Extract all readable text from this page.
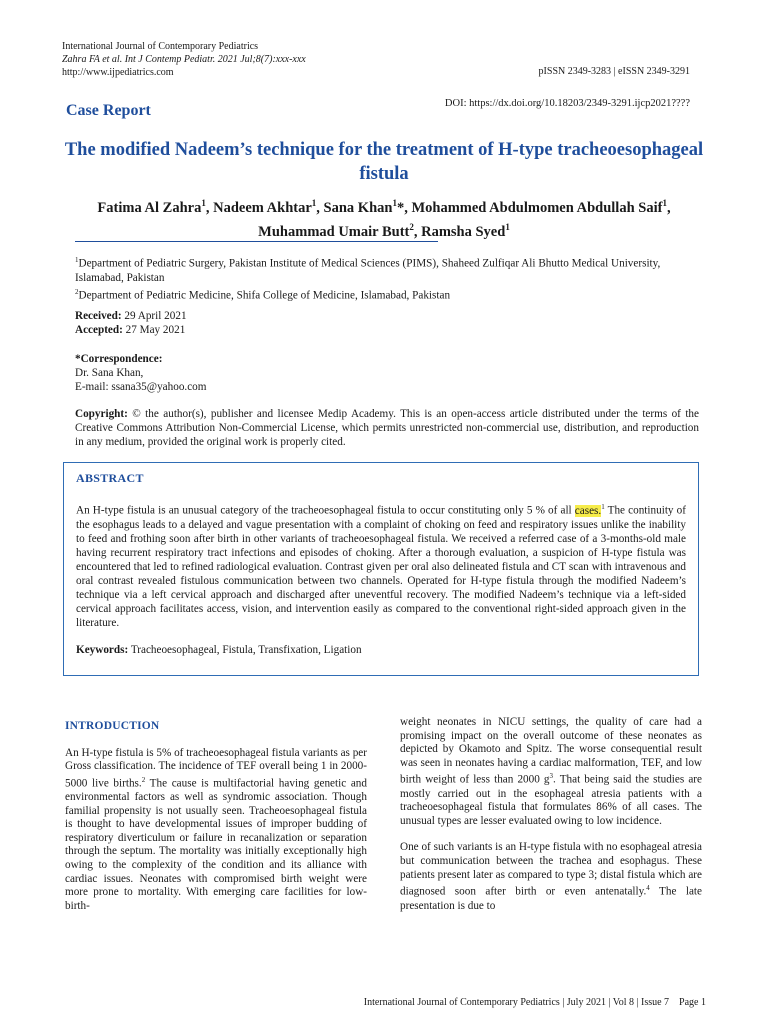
International Journal of Contemporary Pediatrics
Zahra FA et al. Int J Contemp Pediatr. 2021 Jul;8(7):xxx-xxx
http://www.ijpediatrics.com	pISSN 2349-3283 | eISSN 2349-3291
Case Report	DOI: https://dx.doi.org/10.18203/2349-3291.ijcp2021????
The modified Nadeem’s technique for the treatment of H-type tracheoesophageal fistula
Fatima Al Zahra$^1$, Nadeem Akhtar$^1$, Sana Khan$^1$*, Mohammed Abdulmomen Abdullah Saif$^1$,
Muhammad Umair Butt$^2$, Ramsha Syed$^1$
$^1$Department of Pediatric Surgery, Pakistan Institute of Medical Sciences (PIMS), Shaheed Zulfiqar Ali Bhutto Medical University, Islamabad, Pakistan
$^2$Department of Pediatric Medicine, Shifa College of Medicine, Islamabad, Pakistan
Received: 29 April 2021
Accepted: 27 May 2021
*Correspondence:
Dr. Sana Khan,
E-mail: ssana35@yahoo.com
Copyright: © the author(s), publisher and licensee Medip Academy. This is an open-access article distributed under the terms of the Creative Commons Attribution Non-Commercial License, which permits unrestricted non-commercial use, distribution, and reproduction in any medium, provided the original work is properly cited.
ABSTRACT
An H-type fistula is an unusual category of the tracheoesophageal fistula to occur constituting only 5 % of all cases.$^1$ The continuity of the esophagus leads to a delayed and vague presentation with a complaint of choking on feed and respiratory issues unlike the inability to feed and frothing soon after birth in other variants of tracheoesophageal fistula. We received a referred case of a 3-months-old male having recurrent respiratory tract infections and episodes of choking. After a thorough evaluation, a suspicion of H-type fistula was encountered that led to refined radiological evaluation. Contrast given per oral also delineated fistula and CT scan with intravenous and oral contrast revealed fistulous communication between two channels. Operated for H-type fistula through the modified Nadeem’s technique via a left cervical approach and discharged after uneventful recovery. The modified Nadeem’s technique via a left-sided cervical approach facilitates access, vision, and intervention easily as compared to the conventional right-sided approach given in the literature.
Keywords: Tracheoesophageal, Fistula, Transfixation, Ligation
INTRODUCTION

An H-type fistula is 5% of tracheoesophageal fistula variants as per Gross classification. The incidence of TEF overall being 1 in 2000-5000 live births.$^2$ The cause is multifactorial having genetic and environmental factors as well as syndromic association. Though familial propensity is not usually seen. Tracheoesophageal fistula is thought to have developmental issues of improper budding of respiratory diverticulum or failure in recanalization or separation through the septum. The mortality was initially exceptionally high owing to the complexity of the condition and its alliance with cardiac issues. Neonates with compromised birth weight were more prone to mortality. With emerging care facilities for low-birth-

weight neonates in NICU settings, the quality of care had a promising impact on the overall outcome of these neonates as depicted by Okamoto and Spitz. The worse consequential result was seen in neonates having a cardiac malformation, TEF, and low birth weight of less than 2000 $g^3$. That being said the studies are mostly carried out in the esophageal atresia patients with a tracheoesophageal fistula that formulates 86% of all cases. The unusual types are lesser evaluated owing to low incidence.

One of such variants is an H-type fistula with no esophageal atresia but communication between the trachea and esophagus. These patients present later as compared to type 3; distal fistula which are diagnosed soon after birth or even antenatally.$^4$ The late presentation is due to

International Journal of Contemporary Pediatrics | July 2021 | Vol 8 | Issue 7    Page 1
